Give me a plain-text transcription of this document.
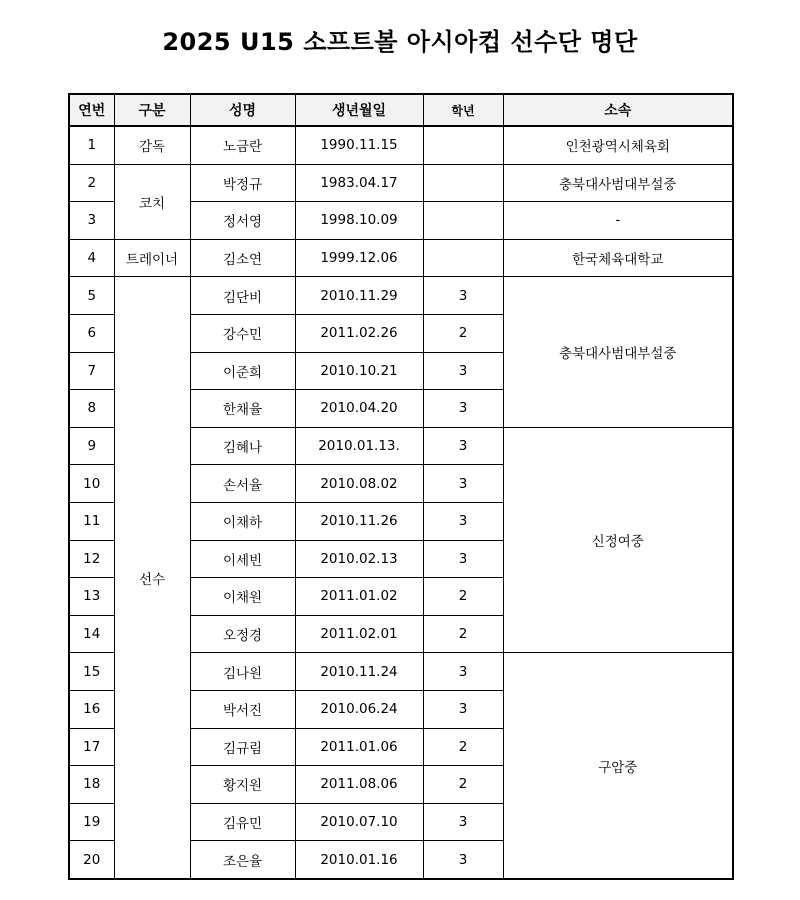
2025 U15 소프트볼 아시아컵 선수단 명단
연번	구분	성명	생년월일	학년	소속
1	감독	노금란	1990.11.15		인천광역시체육회
2	코치	박정규	1983.04.17		충북대사범대부설중
3		정서영	1998.10.09		-
4	트레이너	김소연	1999.12.06		한국체육대학교
5	선수	김단비	2010.11.29	3	충북대사범대부설중
6		강수민	2011.02.26	2	
7		이준희	2010.10.21	3	
8		한채율	2010.04.20	3	
9		김혜나	2010.01.13.	3	신정여중
10		손서율	2010.08.02	3	
11		이채하	2010.11.26	3	
12		이세빈	2010.02.13	3	
13		이채원	2011.01.02	2	
14		오정경	2011.02.01	2	
15		김나원	2010.11.24	3	구암중
16		박서진	2010.06.24	3	
17		김규림	2011.01.06	2	
18		황지원	2011.08.06	2	
19		김유민	2010.07.10	3	
20		조은율	2010.01.16	3	
